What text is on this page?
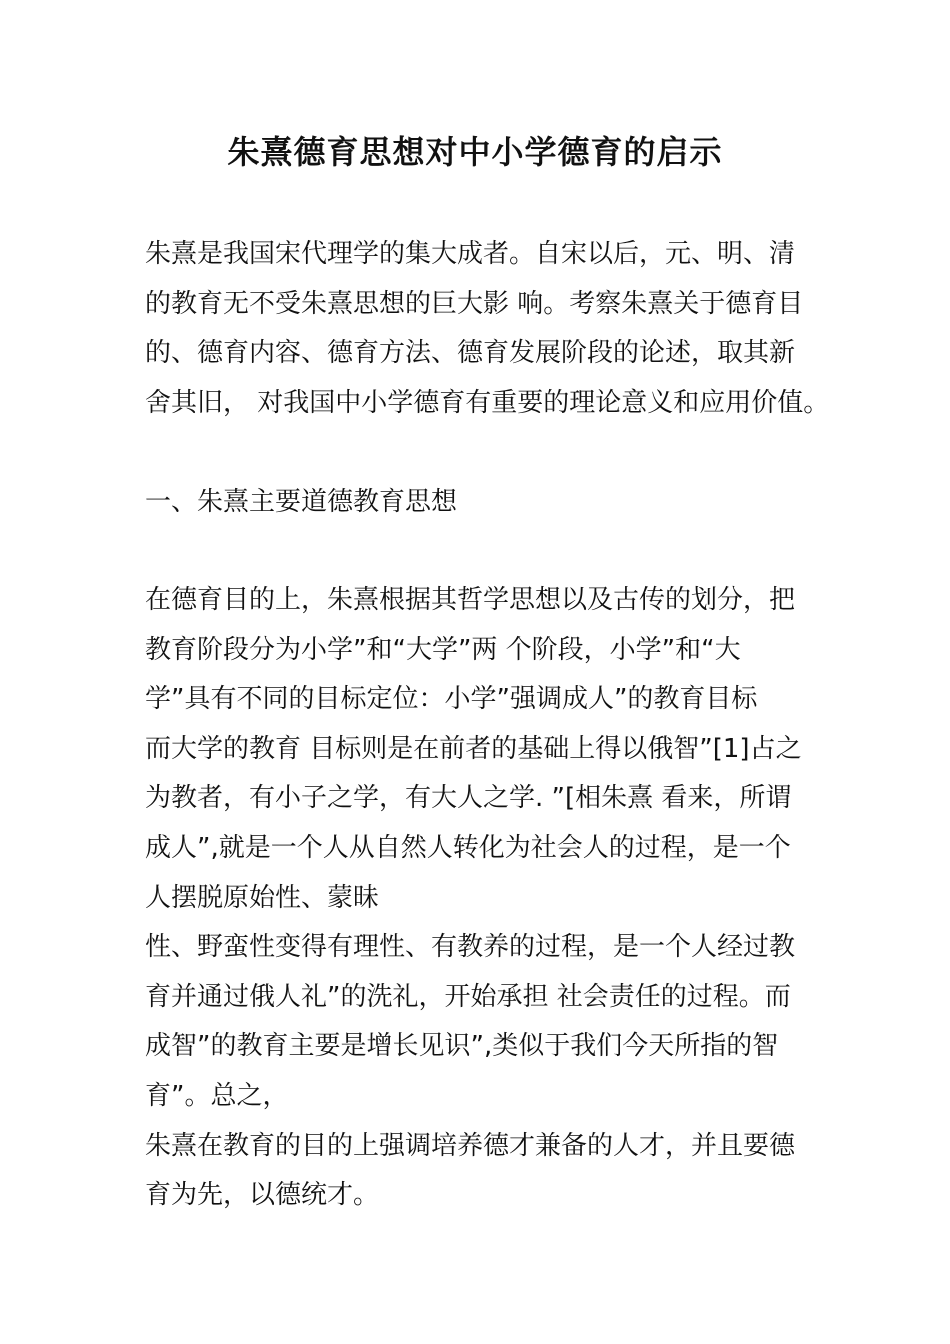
朱熹德育思想对中小学德育的启示
朱熹是我国宋代理学的集大成者。自宋以后，元、明、清
的教育无不受朱熹思想的巨大影 响。考察朱熹关于德育目
的、德育内容、德育方法、德育发展阶段的论述，取其新
舍其旧， 对我国中小学德育有重要的理论意义和应用价值。
一、朱熹主要道德教育思想
在德育目的上，朱熹根据其哲学思想以及古传的划分，把
教育阶段分为小学”和“大学”两 个阶段，小学”和“大
学”具有不同的目标定位：小学”强调成人”的教育目标
而大学的教育 目标则是在前者的基础上得以俄智”[1]占之
为教者，有小子之学，有大人之学. ”[相朱熹 看来，所谓
成人”,就是一个人从自然人转化为社会人的过程，是一个
人摆脱原始性、蒙昧
性、野蛮性变得有理性、有教养的过程，是一个人经过教
育并通过俄人礼”的洗礼，开始承担 社会责任的过程。而
成智”的教育主要是增长见识”,类似于我们今天所指的智
育”。总之，
朱熹在教育的目的上强调培养德才兼备的人才，并且要德
育为先，以德统才。
